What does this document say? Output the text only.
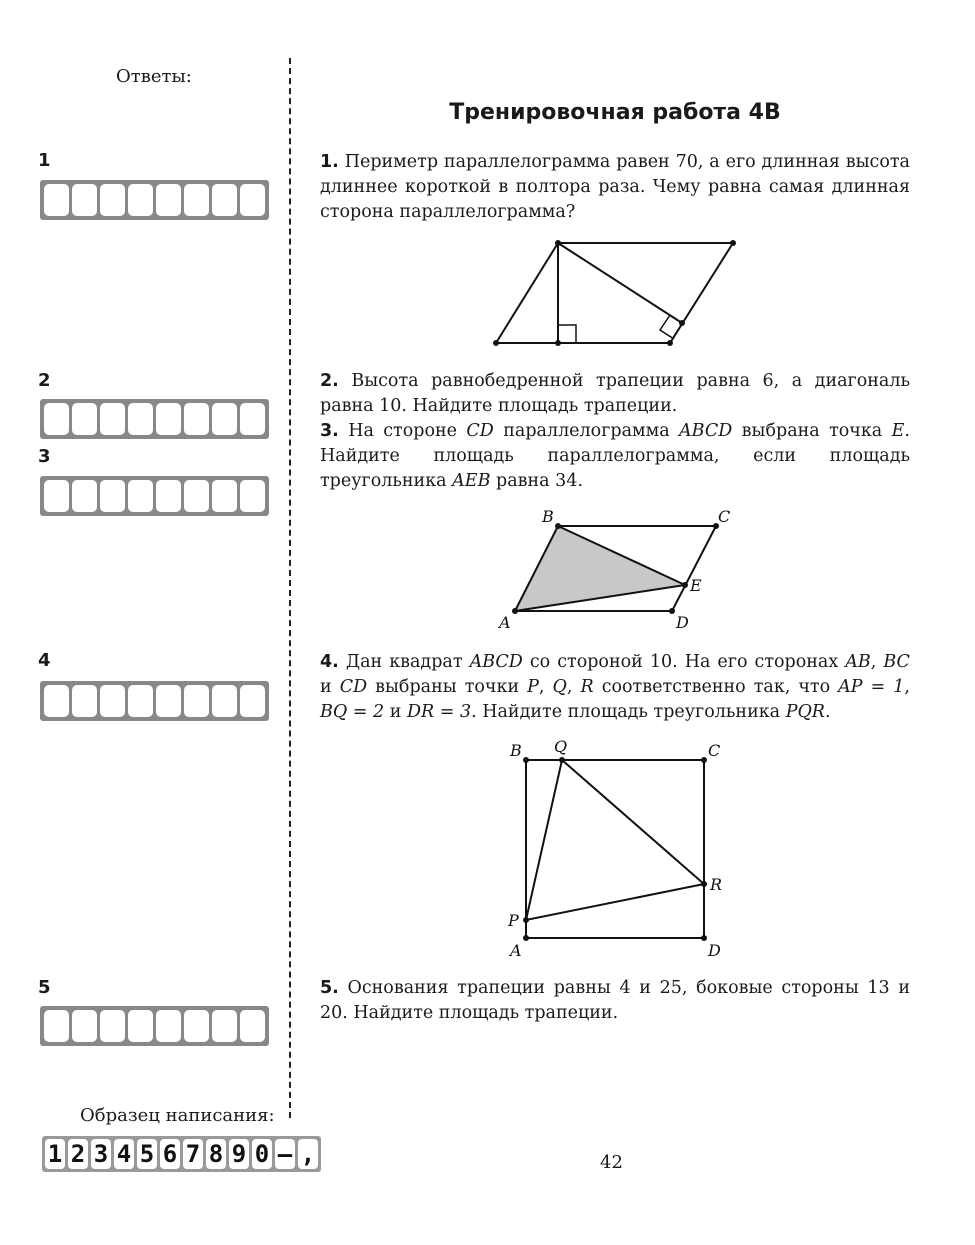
Ответы:
1
2
3
4
5
Образец написания:
1 2 3 4 5 6 7 8 9 0 – ,
Тренировочная работа 4В
1. Периметр параллелограмма равен 70, а его длинная высота длиннее короткой в полтора раза. Чему равна самая длинная сторона параллелограмма?
2. Высота равнобедренной трапеции равна 6, а диагональ равна 10. Найдите площадь трапеции.
3. На стороне CD параллелограмма ABCD выбрана точка E. Найдите площадь параллелограмма, если площадь треугольника AEB равна 34.
A
B	C
D
E
4. Дан квадрат ABCD со стороной 10. На его сторонах AB, BC и CD выбраны точки P, Q, R соответственно так, что AP = 1, BQ = 2 и DR = 3. Найдите площадь треугольника PQR.
A
B	C
D
P
Q
R
5. Основания трапеции равны 4 и 25, боковые стороны 13 и 20. Найдите площадь трапеции.
42
